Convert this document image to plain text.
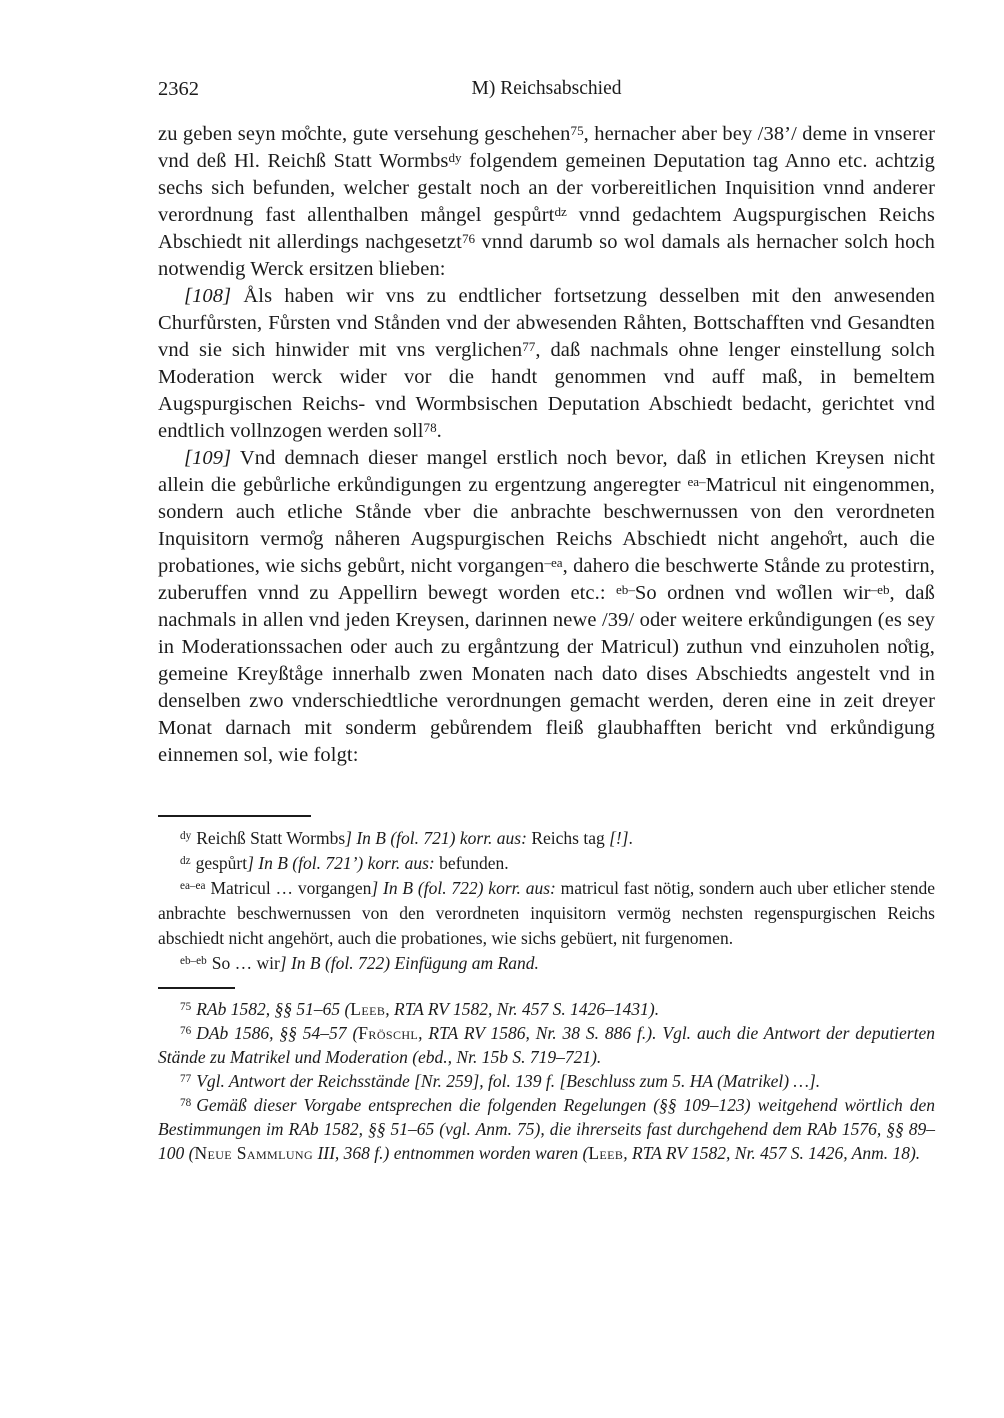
2362	M) Reichsabschied

zu geben seyn mo̊chte, gute versehung geschehen$^{75}$, hernacher aber bey /38’/ deme in vnserer vnd deß Hl. Reichß Statt Wormbs$^{dy}$ folgendem gemeinen Deputation tag Anno etc. achtzig sechs sich befunden, welcher gestalt noch an der vorbereitlichen Inquisition vnnd anderer verordnung fast allenthalben mångel gespůrt$^{dz}$ vnnd gedachtem Augspurgischen Reichs Abschiedt nit allerdings nachgesetzt$^{76}$ vnnd darumb so wol damals als hernacher solch hoch notwendig Werck ersitzen blieben:

[108] Åls haben wir vns zu endtlicher fortsetzung desselben mit den anwesenden Churfůrsten, Fůrsten vnd Stånden vnd der abwesenden Råhten, Bottschafften vnd Gesandten vnd sie sich hinwider mit vns verglichen$^{77}$, daß nachmals ohne lenger einstellung solch Moderation werck wider vor die handt genommen vnd auff maß, in bemeltem Augspurgischen Reichs- vnd Wormbsischen Deputation Abschiedt bedacht, gerichtet vnd endtlich vollnzogen werden soll$^{78}$.

[109] Vnd demnach dieser mangel erstlich noch bevor, daß in etlichen Kreysen nicht allein die gebůrliche erkůndigungen zu ergentzung angeregter $^{ea-}$Matricul nit eingenommen, sondern auch etliche Stånde vber die anbrachte beschwernussen von den verordneten Inquisitorn vermo̊g nåheren Augspurgischen Reichs Abschiedt nicht angeho̊rt, auch die probationes, wie sichs gebůrt, nicht vorgangen$^{-ea}$, dahero die beschwerte Stånde zu protestirn, zuberuffen vnnd zu Appellirn bewegt worden etc.: $^{eb-}$So ordnen vnd wo̊llen wir$^{-eb}$, daß nachmals in allen vnd jeden Kreysen, darinnen newe /39/ oder weitere erkůndigungen (es sey in Moderationssachen oder auch zu ergåntzung der Matricul) zuthun vnd einzuholen no̊tig, gemeine Kreyßtåge innerhalb zwen Monaten nach dato dises Abschiedts angestelt vnd in denselben zwo vnderschiedtliche verordnungen gemacht werden, deren eine in zeit dreyer Monat darnach mit sonderm gebůrendem fleiß glaubhafften bericht vnd erkůndigung einnemen sol, wie folgt:

$^{dy}$ Reichß Statt Wormbs] In B (fol. 721) korr. aus: Reichs tag [!].

$^{dz}$ gespůrt] In B (fol. 721’) korr. aus: befunden.

$^{ea-ea}$ Matricul … vorgangen] In B (fol. 722) korr. aus: matricul fast nötig, sondern auch uber etlicher stende anbrachte beschwernussen von den verordneten inquisitorn vermög nechsten regenspurgischen Reichs abschiedt nicht angehört, auch die probationes, wie sichs gebüert, nit furgenomen.

$^{eb-eb}$ So … wir] In B (fol. 722) Einfügung am Rand.

$^{75}$ RAb 1582, §§ 51–65 (Leeb, RTA RV 1582, Nr. 457 S. 1426–1431).

$^{76}$ DAb 1586, §§ 54–57 (Fröschl, RTA RV 1586, Nr. 38 S. 886 f.). Vgl. auch die Antwort der deputierten Stände zu Matrikel und Moderation (ebd., Nr. 15b S. 719–721).

$^{77}$ Vgl. Antwort der Reichsstände [Nr. 259], fol. 139 f. [Beschluss zum 5. HA (Matrikel) …].

$^{78}$ Gemäß dieser Vorgabe entsprechen die folgenden Regelungen (§§ 109–123) weitgehend wörtlich den Bestimmungen im RAb 1582, §§ 51–65 (vgl. Anm. 75), die ihrerseits fast durchgehend dem RAb 1576, §§ 89–100 (Neue Sammlung III, 368 f.) entnommen worden waren (Leeb, RTA RV 1582, Nr. 457 S. 1426, Anm. 18).
